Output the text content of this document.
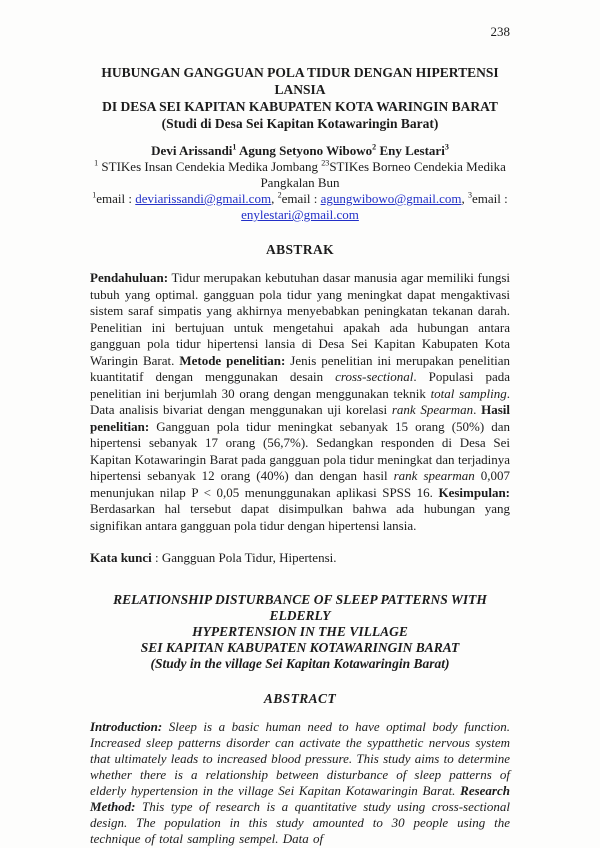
238
HUBUNGAN GANGGUAN POLA TIDUR DENGAN HIPERTENSI LANSIA
DI DESA SEI KAPITAN KABUPATEN KOTA WARINGIN BARAT
(Studi di Desa Sei Kapitan Kotawaringin Barat)
Devi Arissandi$^1$ Agung Setyono Wibowo$^2$ Eny Lestari$^3$
$^1$ STIKes Insan Cendekia Medika Jombang $^{23}$STIKes Borneo Cendekia Medika Pangkalan Bun
$^1$email : deviarissandi@gmail.com, $^2$email : agungwibowo@gmail.com, $^3$email : enylestari@gmail.com
ABSTRAK
Pendahuluan: Tidur merupakan kebutuhan dasar manusia agar memiliki fungsi tubuh yang optimal. gangguan pola tidur yang meningkat dapat mengaktivasi sistem saraf simpatis yang akhirnya menyebabkan peningkatan tekanan darah. Penelitian ini bertujuan untuk mengetahui apakah ada hubungan antara gangguan pola tidur hipertensi lansia di Desa Sei Kapitan Kabupaten Kota Waringin Barat. Metode penelitian: Jenis penelitian ini merupakan penelitian kuantitatif dengan menggunakan desain cross-sectional. Populasi pada penelitian ini berjumlah 30 orang dengan menggunakan teknik total sampling. Data analisis bivariat dengan menggunakan uji korelasi rank Spearman. Hasil penelitian: Gangguan pola tidur meningkat sebanyak 15 orang (50%) dan hipertensi sebanyak 17 orang (56,7%). Sedangkan responden di Desa Sei Kapitan Kotawaringin Barat pada gangguan pola tidur meningkat dan terjadinya hipertensi sebanyak 12 orang (40%) dan dengan hasil rank spearman 0,007 menunjukan nilap P < 0,05 menunggunakan aplikasi SPSS 16. Kesimpulan: Berdasarkan hal tersebut dapat disimpulkan bahwa ada hubungan yang signifikan antara gangguan pola tidur dengan hipertensi lansia.
Kata kunci : Gangguan Pola Tidur, Hipertensi.
RELATIONSHIP DISTURBANCE OF SLEEP PATTERNS WITH ELDERLY
HYPERTENSION IN THE VILLAGE
SEI KAPITAN KABUPATEN KOTAWARINGIN BARAT
(Study in the village Sei Kapitan Kotawaringin Barat)
ABSTRACT
Introduction: Sleep is a basic human need to have optimal body function. Increased sleep patterns disorder can activate the sypatthetic nervous system that ultimately leads to increased blood pressure. This study aims to determine whether there is a relationship between disturbance of sleep patterns of elderly hypertension in the village Sei Kapitan Kotawaringin Barat. Research Method: This type of research is a quantitative study using cross-sectional design. The population in this study amounted to 30 people using the technique of total sampling sempel. Data of
